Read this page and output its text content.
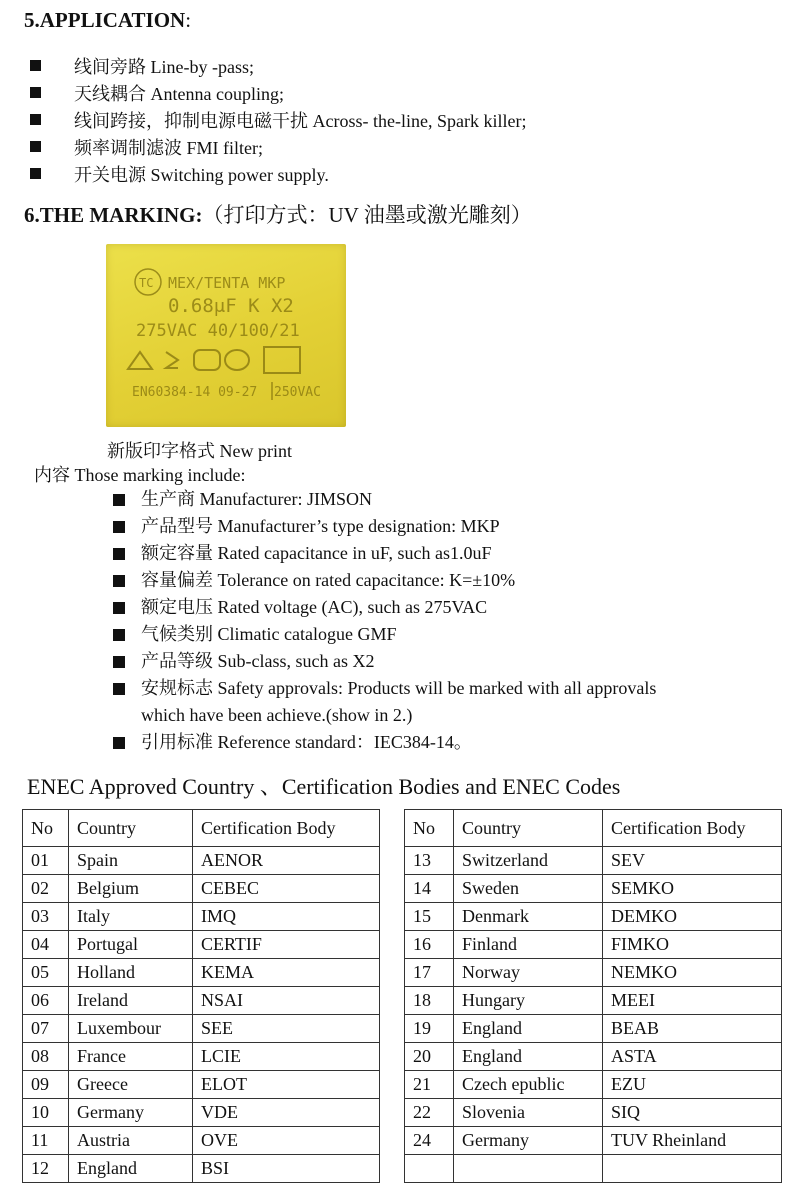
5.APPLICATION:
线间旁路 Line-by -pass;
天线耦合 Antenna coupling;
线间跨接，抑制电源电磁干扰 Across- the-line, Spark killer;
频率调制滤波 FMI filter;
开关电源 Switching power supply.
6.THE MARKING:（打印方式：UV 油墨或激光雕刻）
TC MEX/TENTA MKP
0.68μF K X2
275VAC 40/100/21
EN60384-14 09-27 250VAC
新版印字格式 New print
内容 Those marking include:
生产商 Manufacturer: JIMSON
产品型号 Manufacturer’s type designation: MKP
额定容量 Rated capacitance in uF, such as1.0uF
容量偏差 Tolerance on rated capacitance: K=±10%
额定电压 Rated voltage (AC), such as 275VAC
气候类别 Climatic catalogue GMF
产品等级 Sub-class, such as X2
安规标志 Safety approvals: Products will be marked with all approvals
which have been achieve.(show in 2.)
引用标准 Reference standard：IEC384-14。
ENEC Approved Country 、Certification Bodies and ENEC Codes
No	Country	Certification Body
01	Spain	AENOR
02	Belgium	CEBEC
03	Italy	IMQ
04	Portugal	CERTIF
05	Holland	KEMA
06	Ireland	NSAI
07	Luxembour	SEE
08	France	LCIE
09	Greece	ELOT
10	Germany	VDE
11	Austria	OVE
12	England	BSI
No	Country	Certification Body
13	Switzerland	SEV
14	Sweden	SEMKO
15	Denmark	DEMKO
16	Finland	FIMKO
17	Norway	NEMKO
18	Hungary	MEEI
19	England	BEAB
20	England	ASTA
21	Czech epublic	EZU
22	Slovenia	SIQ
24	Germany	TUV Rheinland
